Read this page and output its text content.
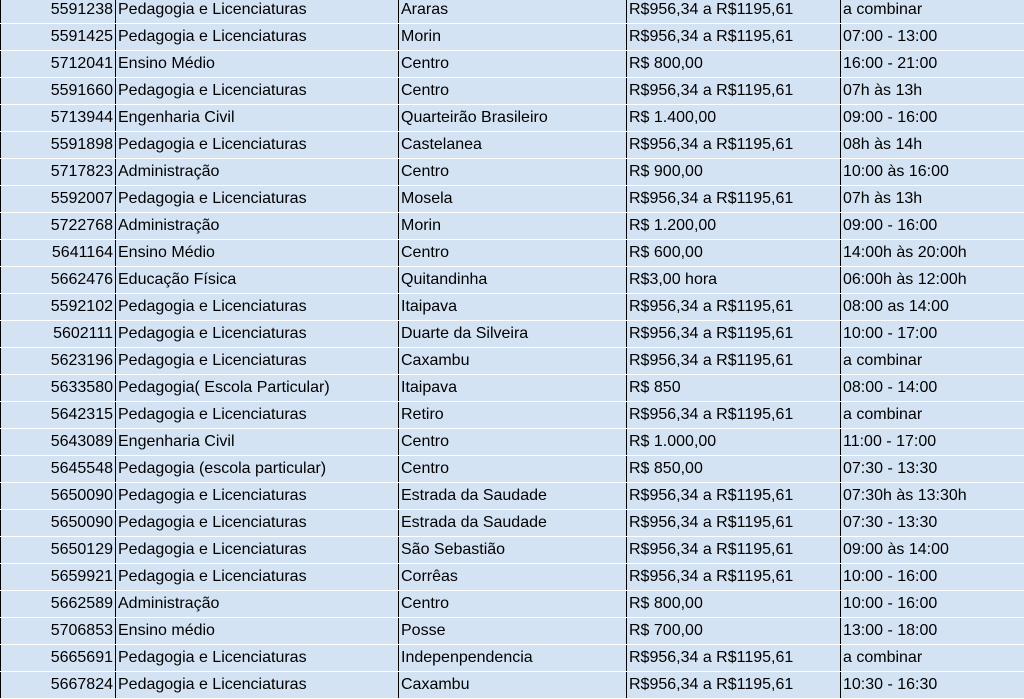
5591238	Pedagogia e Licenciaturas	Araras	R$956,34 a R$1195,61	a combinar
5591425	Pedagogia e Licenciaturas	Morin	R$956,34 a R$1195,61	07:00 - 13:00
5712041	Ensino Médio	Centro	R$ 800,00	16:00 - 21:00
5591660	Pedagogia e Licenciaturas	Centro	R$956,34 a R$1195,61	07h às 13h
5713944	Engenharia Civil	Quarteirão Brasileiro	R$ 1.400,00	09:00 - 16:00
5591898	Pedagogia e Licenciaturas	Castelanea	R$956,34 a R$1195,61	08h às 14h
5717823	Administração	Centro	R$ 900,00	10:00 às 16:00
5592007	Pedagogia e Licenciaturas	Mosela	R$956,34 a R$1195,61	07h às 13h
5722768	Administração	Morin	R$ 1.200,00	09:00 - 16:00
5641164	Ensino Médio	Centro	R$ 600,00	14:00h às 20:00h
5662476	Educação Física	Quitandinha	R$3,00 hora	06:00h às 12:00h
5592102	Pedagogia e Licenciaturas	Itaipava	R$956,34 a R$1195,61	08:00 as 14:00
5602111	Pedagogia e Licenciaturas	Duarte da Silveira	R$956,34 a R$1195,61	10:00 - 17:00
5623196	Pedagogia e Licenciaturas	Caxambu	R$956,34 a R$1195,61	a combinar
5633580	Pedagogia( Escola Particular)	Itaipava	R$ 850	08:00 - 14:00
5642315	Pedagogia e Licenciaturas	Retiro	R$956,34 a R$1195,61	a combinar
5643089	Engenharia Civil	Centro	R$ 1.000,00	11:00 - 17:00
5645548	Pedagogia (escola particular)	Centro	R$ 850,00	07:30 - 13:30
5650090	Pedagogia e Licenciaturas	Estrada da Saudade	R$956,34 a R$1195,61	07:30h às 13:30h
5650090	Pedagogia e Licenciaturas	Estrada da Saudade	R$956,34 a R$1195,61	07:30 - 13:30
5650129	Pedagogia e Licenciaturas	São Sebastião	R$956,34 a R$1195,61	09:00 às 14:00
5659921	Pedagogia e Licenciaturas	Corrêas	R$956,34 a R$1195,61	10:00 - 16:00
5662589	Administração	Centro	R$ 800,00	10:00 - 16:00
5706853	Ensino médio	Posse	R$ 700,00	13:00 - 18:00
5665691	Pedagogia e Licenciaturas	Indepenpendencia	R$956,34 a R$1195,61	a combinar
5667824	Pedagogia e Licenciaturas	Caxambu	R$956,34 a R$1195,61	10:30 - 16:30
